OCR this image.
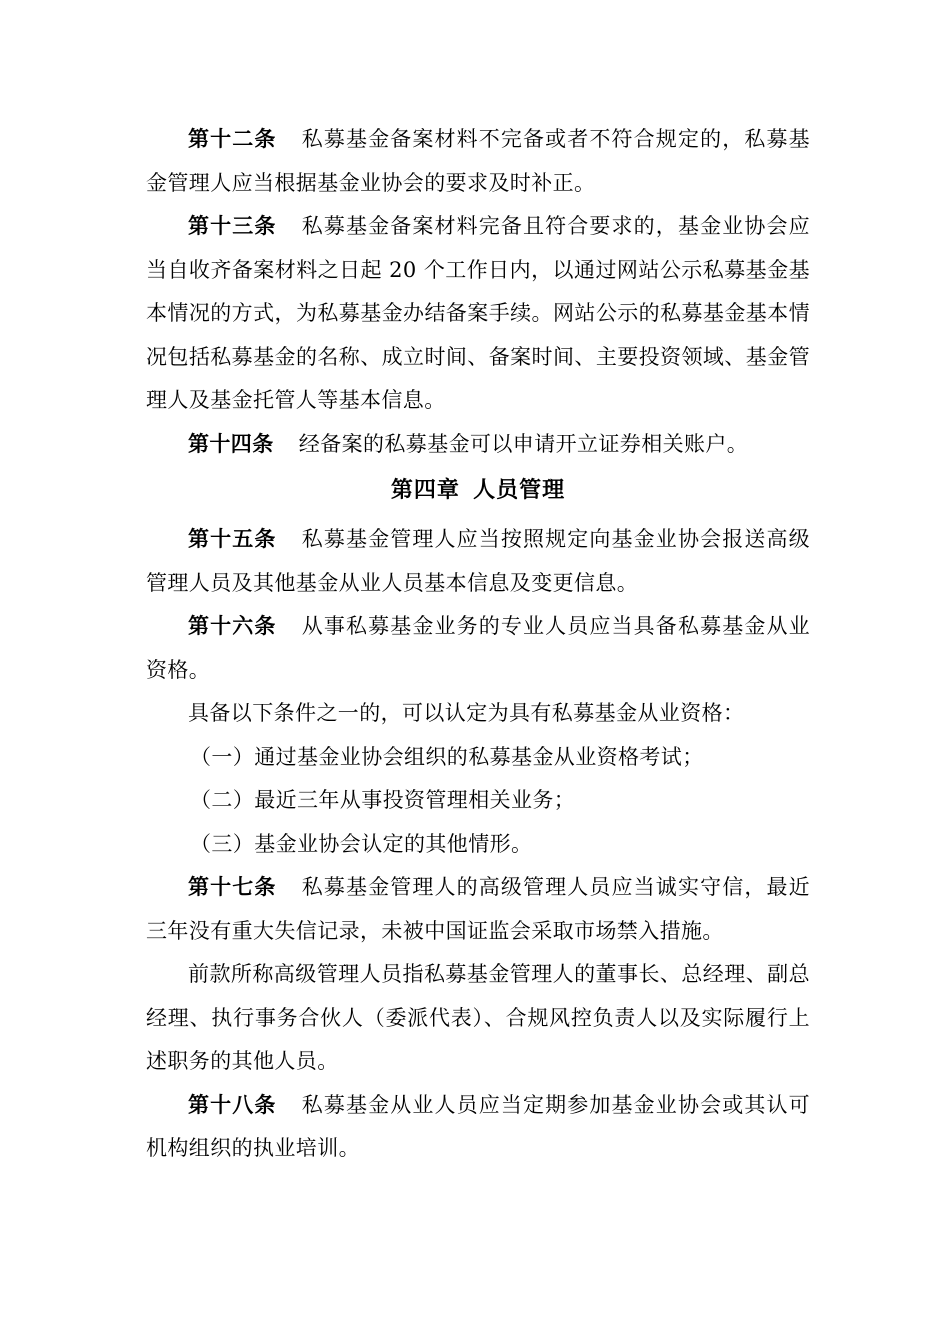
第十二条 私募基金备案材料不完备或者不符合规定的，私募基金管理人应当根据基金业协会的要求及时补正。

第十三条 私募基金备案材料完备且符合要求的，基金业协会应当自收齐备案材料之日起 20 个工作日内，以通过网站公示私募基金基本情况的方式，为私募基金办结备案手续。网站公示的私募基金基本情况包括私募基金的名称、成立时间、备案时间、主要投资领域、基金管理人及基金托管人等基本信息。

第十四条 经备案的私募基金可以申请开立证券相关账户。

第四章 人员管理

第十五条 私募基金管理人应当按照规定向基金业协会报送高级管理人员及其他基金从业人员基本信息及变更信息。

第十六条 从事私募基金业务的专业人员应当具备私募基金从业资格。

具备以下条件之一的，可以认定为具有私募基金从业资格：

（一）通过基金业协会组织的私募基金从业资格考试；

（二）最近三年从事投资管理相关业务；

（三）基金业协会认定的其他情形。

第十七条 私募基金管理人的高级管理人员应当诚实守信，最近三年没有重大失信记录，未被中国证监会采取市场禁入措施。

前款所称高级管理人员指私募基金管理人的董事长、总经理、副总经理、执行事务合伙人（委派代表）、合规风控负责人以及实际履行上述职务的其他人员。

第十八条 私募基金从业人员应当定期参加基金业协会或其认可机构组织的执业培训。
